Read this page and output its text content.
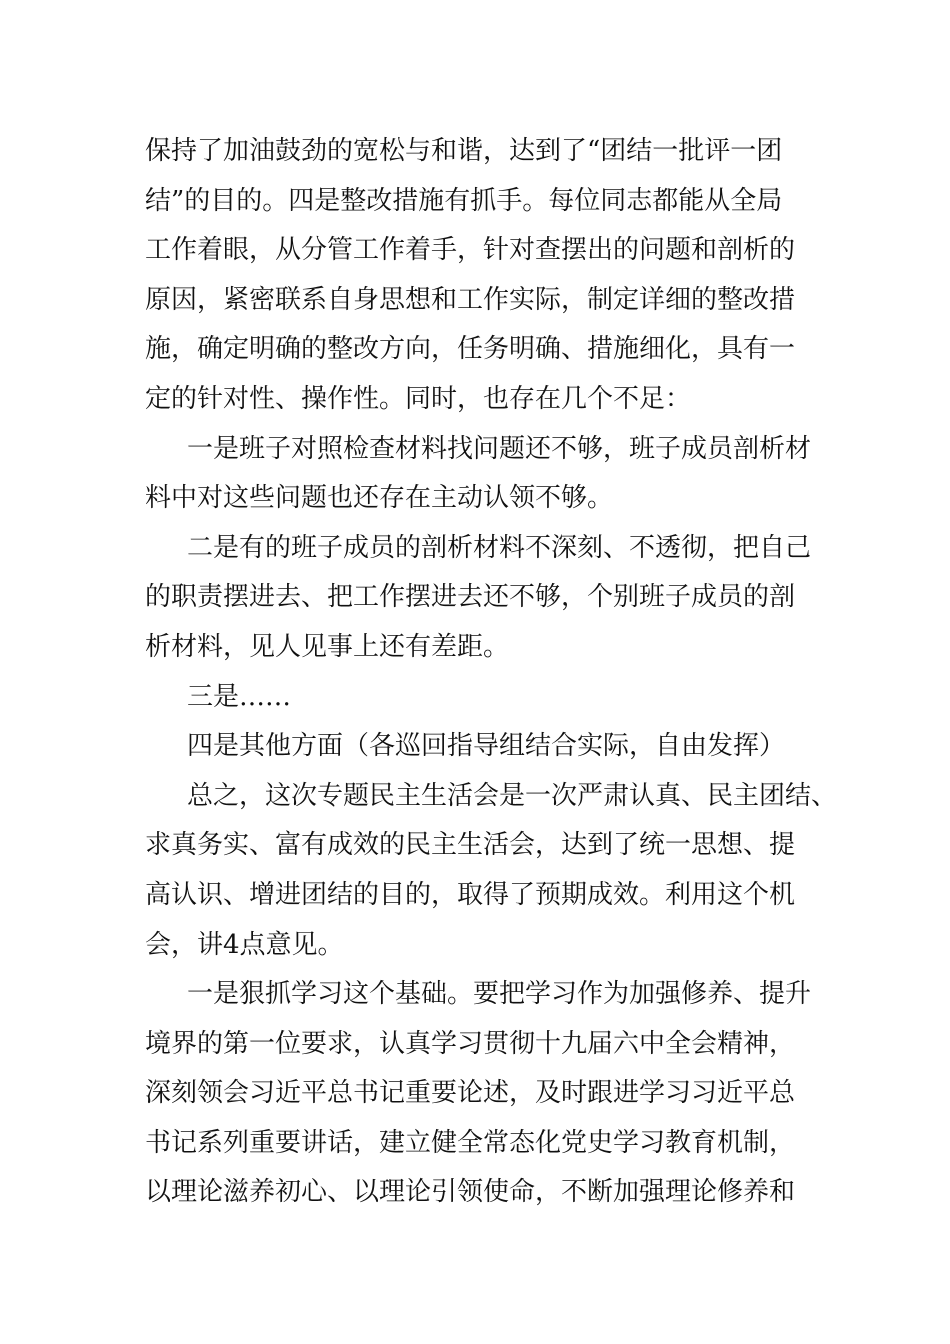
保持了加油鼓劲的宽松与和谐，达到了“团结一批评一团
结”的目的。四是整改措施有抓手。每位同志都能从全局
工作着眼，从分管工作着手，针对查摆出的问题和剖析的
原因，紧密联系自身思想和工作实际，制定详细的整改措
施，确定明确的整改方向，任务明确、措施细化，具有一
定的针对性、操作性。同时，也存在几个不足：
一是班子对照检查材料找问题还不够，班子成员剖析材
料中对这些问题也还存在主动认领不够。
二是有的班子成员的剖析材料不深刻、不透彻，把自己
的职责摆进去、把工作摆进去还不够，个别班子成员的剖
析材料，见人见事上还有差距。
三是……
四是其他方面（各巡回指导组结合实际，自由发挥）
总之，这次专题民主生活会是一次严肃认真、民主团结、
求真务实、富有成效的民主生活会，达到了统一思想、提
高认识、增进团结的目的，取得了预期成效。利用这个机
会，讲4点意见。
一是狠抓学习这个基础。要把学习作为加强修养、提升
境界的第一位要求，认真学习贯彻十九届六中全会精神，
深刻领会习近平总书记重要论述，及时跟进学习习近平总
书记系列重要讲话，建立健全常态化党史学习教育机制，
以理论滋养初心、以理论引领使命，不断加强理论修养和
